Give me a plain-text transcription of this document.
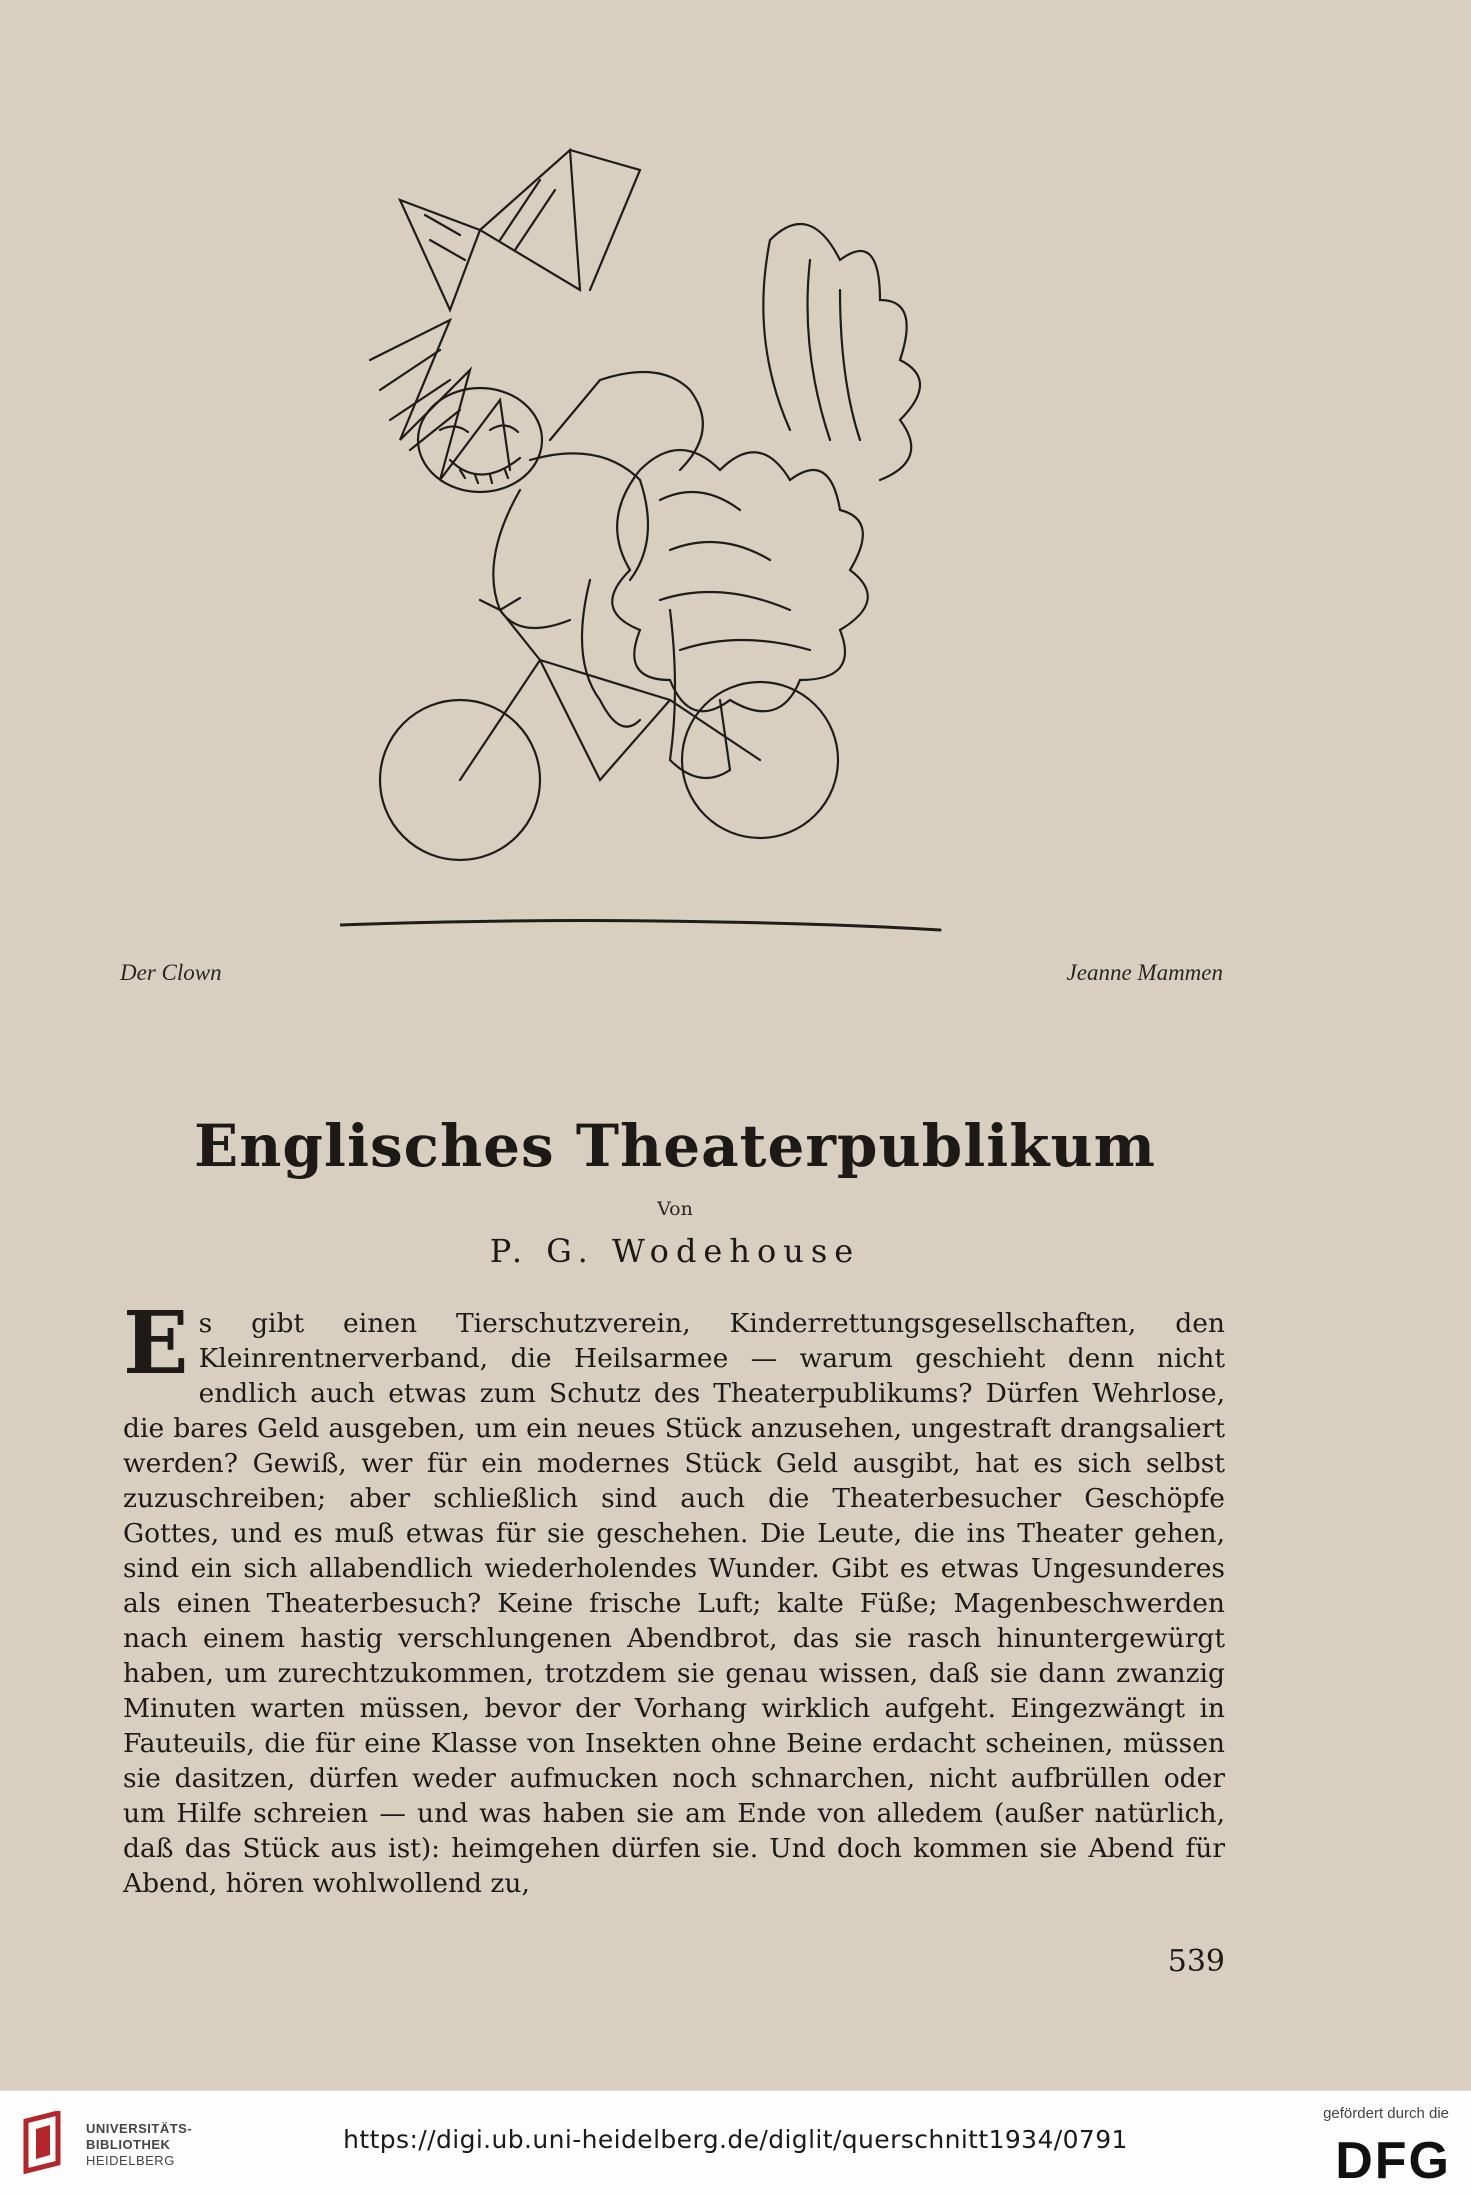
Der Clown	Jeanne Mammen
Englisches Theaterpublikum
Von
P. G. Wodehouse
E s gibt einen Tierschutzverein, Kinderrettungsgesellschaften, den Kleinrentnerverband, die Heilsarmee — warum geschieht denn nicht endlich auch etwas zum Schutz des Theaterpublikums? Dürfen Wehrlose, die bares Geld ausgeben, um ein neues Stück anzusehen, ungestraft drangsaliert werden? Gewiß, wer für ein modernes Stück Geld ausgibt, hat es sich selbst zuzuschreiben; aber schließlich sind auch die Theaterbesucher Geschöpfe Gottes, und es muß etwas für sie geschehen. Die Leute, die ins Theater gehen, sind ein sich allabendlich wiederholendes Wunder. Gibt es etwas Ungesunderes als einen Theaterbesuch? Keine frische Luft; kalte Füße; Magenbeschwerden nach einem hastig verschlungenen Abendbrot, das sie rasch hinuntergewürgt haben, um zurechtzukommen, trotzdem sie genau wissen, daß sie dann zwanzig Minuten warten müssen, bevor der Vorhang wirklich aufgeht. Eingezwängt in Fauteuils, die für eine Klasse von Insekten ohne Beine erdacht scheinen, müssen sie dasitzen, dürfen weder aufmucken noch schnarchen, nicht aufbrüllen oder um Hilfe schreien — und was haben sie am Ende von alledem (außer natürlich, daß das Stück aus ist): heimgehen dürfen sie. Und doch kommen sie Abend für Abend, hören wohlwollend zu,
539
UNIVERSITÄTS-
BIBLIOTHEK
HEIDELBERG
https://digi.ub.uni-heidelberg.de/diglit/querschnitt1934/0791
gefördert durch die
DFG
